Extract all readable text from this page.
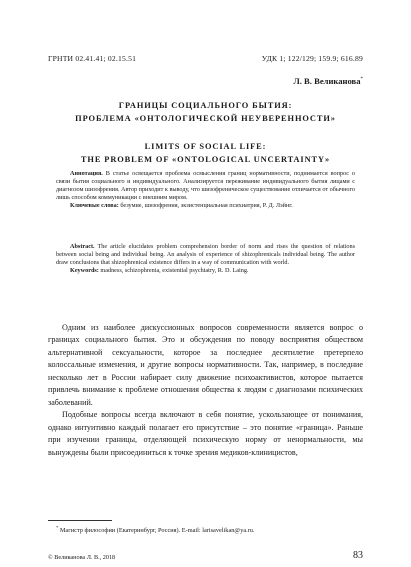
ГРНТИ 02.41.41; 02.15.51	УДК 1; 122/129; 159.9; 616.89
Л. В. Великанова*
ГРАНИЦЫ СОЦИАЛЬНОГО БЫТИЯ:
ПРОБЛЕМА «ОНТОЛОГИЧЕСКОЙ НЕУВЕРЕННОСТИ»
LIMITS OF SOCIAL LIFE:
THE PROBLEM OF «ONTOLOGICAL UNCERTAINTY»
Аннотация. В статье освещается проблема осмысления границ нормативности, поднимается вопрос о связи бытия социального и индивидуального. Анализируется переживание индивидуального бытия лицами с диагнозом шизофрения. Автор приходит к выводу, что шизофреническое существование отличается от обычного лишь способом коммуникации с внешним миром.
Ключевые слова: безумие, шизофрения, экзистенциальная психиатрия, Р. Д. Лэйнг.
Abstract. The article elucidates problem comprehension border of norm and rises the question of relations between social being and individual being. An analysis of experience of shizophrenicals individual being. The author draw conclusions that shizophrenical existence differs in a way of communication with world.
Keywords: madness, schizophrenia, existential psychiatry, R. D. Laing.

Одним из наиболее дискуссионных вопросов современности является вопрос о границах социального бытия. Это и обсуждения по поводу восприятия обществом альтернативной сексуальности, которое за последнее десятилетие претерпело колоссальные изменения, и другие вопросы нормативности. Так, например, в последние несколько лет в России набирает силу движение психоактивистов, которое пытается привлечь внимание к проблеме отношения общества к людям с диагнозами психических заболеваний.

Подобные вопросы всегда включают в себя понятие, ускользающее от понимания, однако интуитивно каждый полагает его присутствие – это понятие «граница». Раньше при изучении границы, отделяющей психическую норму от ненормальности, мы вынуждены были присоединиться к точке зрения медиков-клиницистов,

* Магистр философии (Екатеринбург, Россия). E-mail: larisavelikan@ya.ru.
© Великанова Л. В., 2018	83
